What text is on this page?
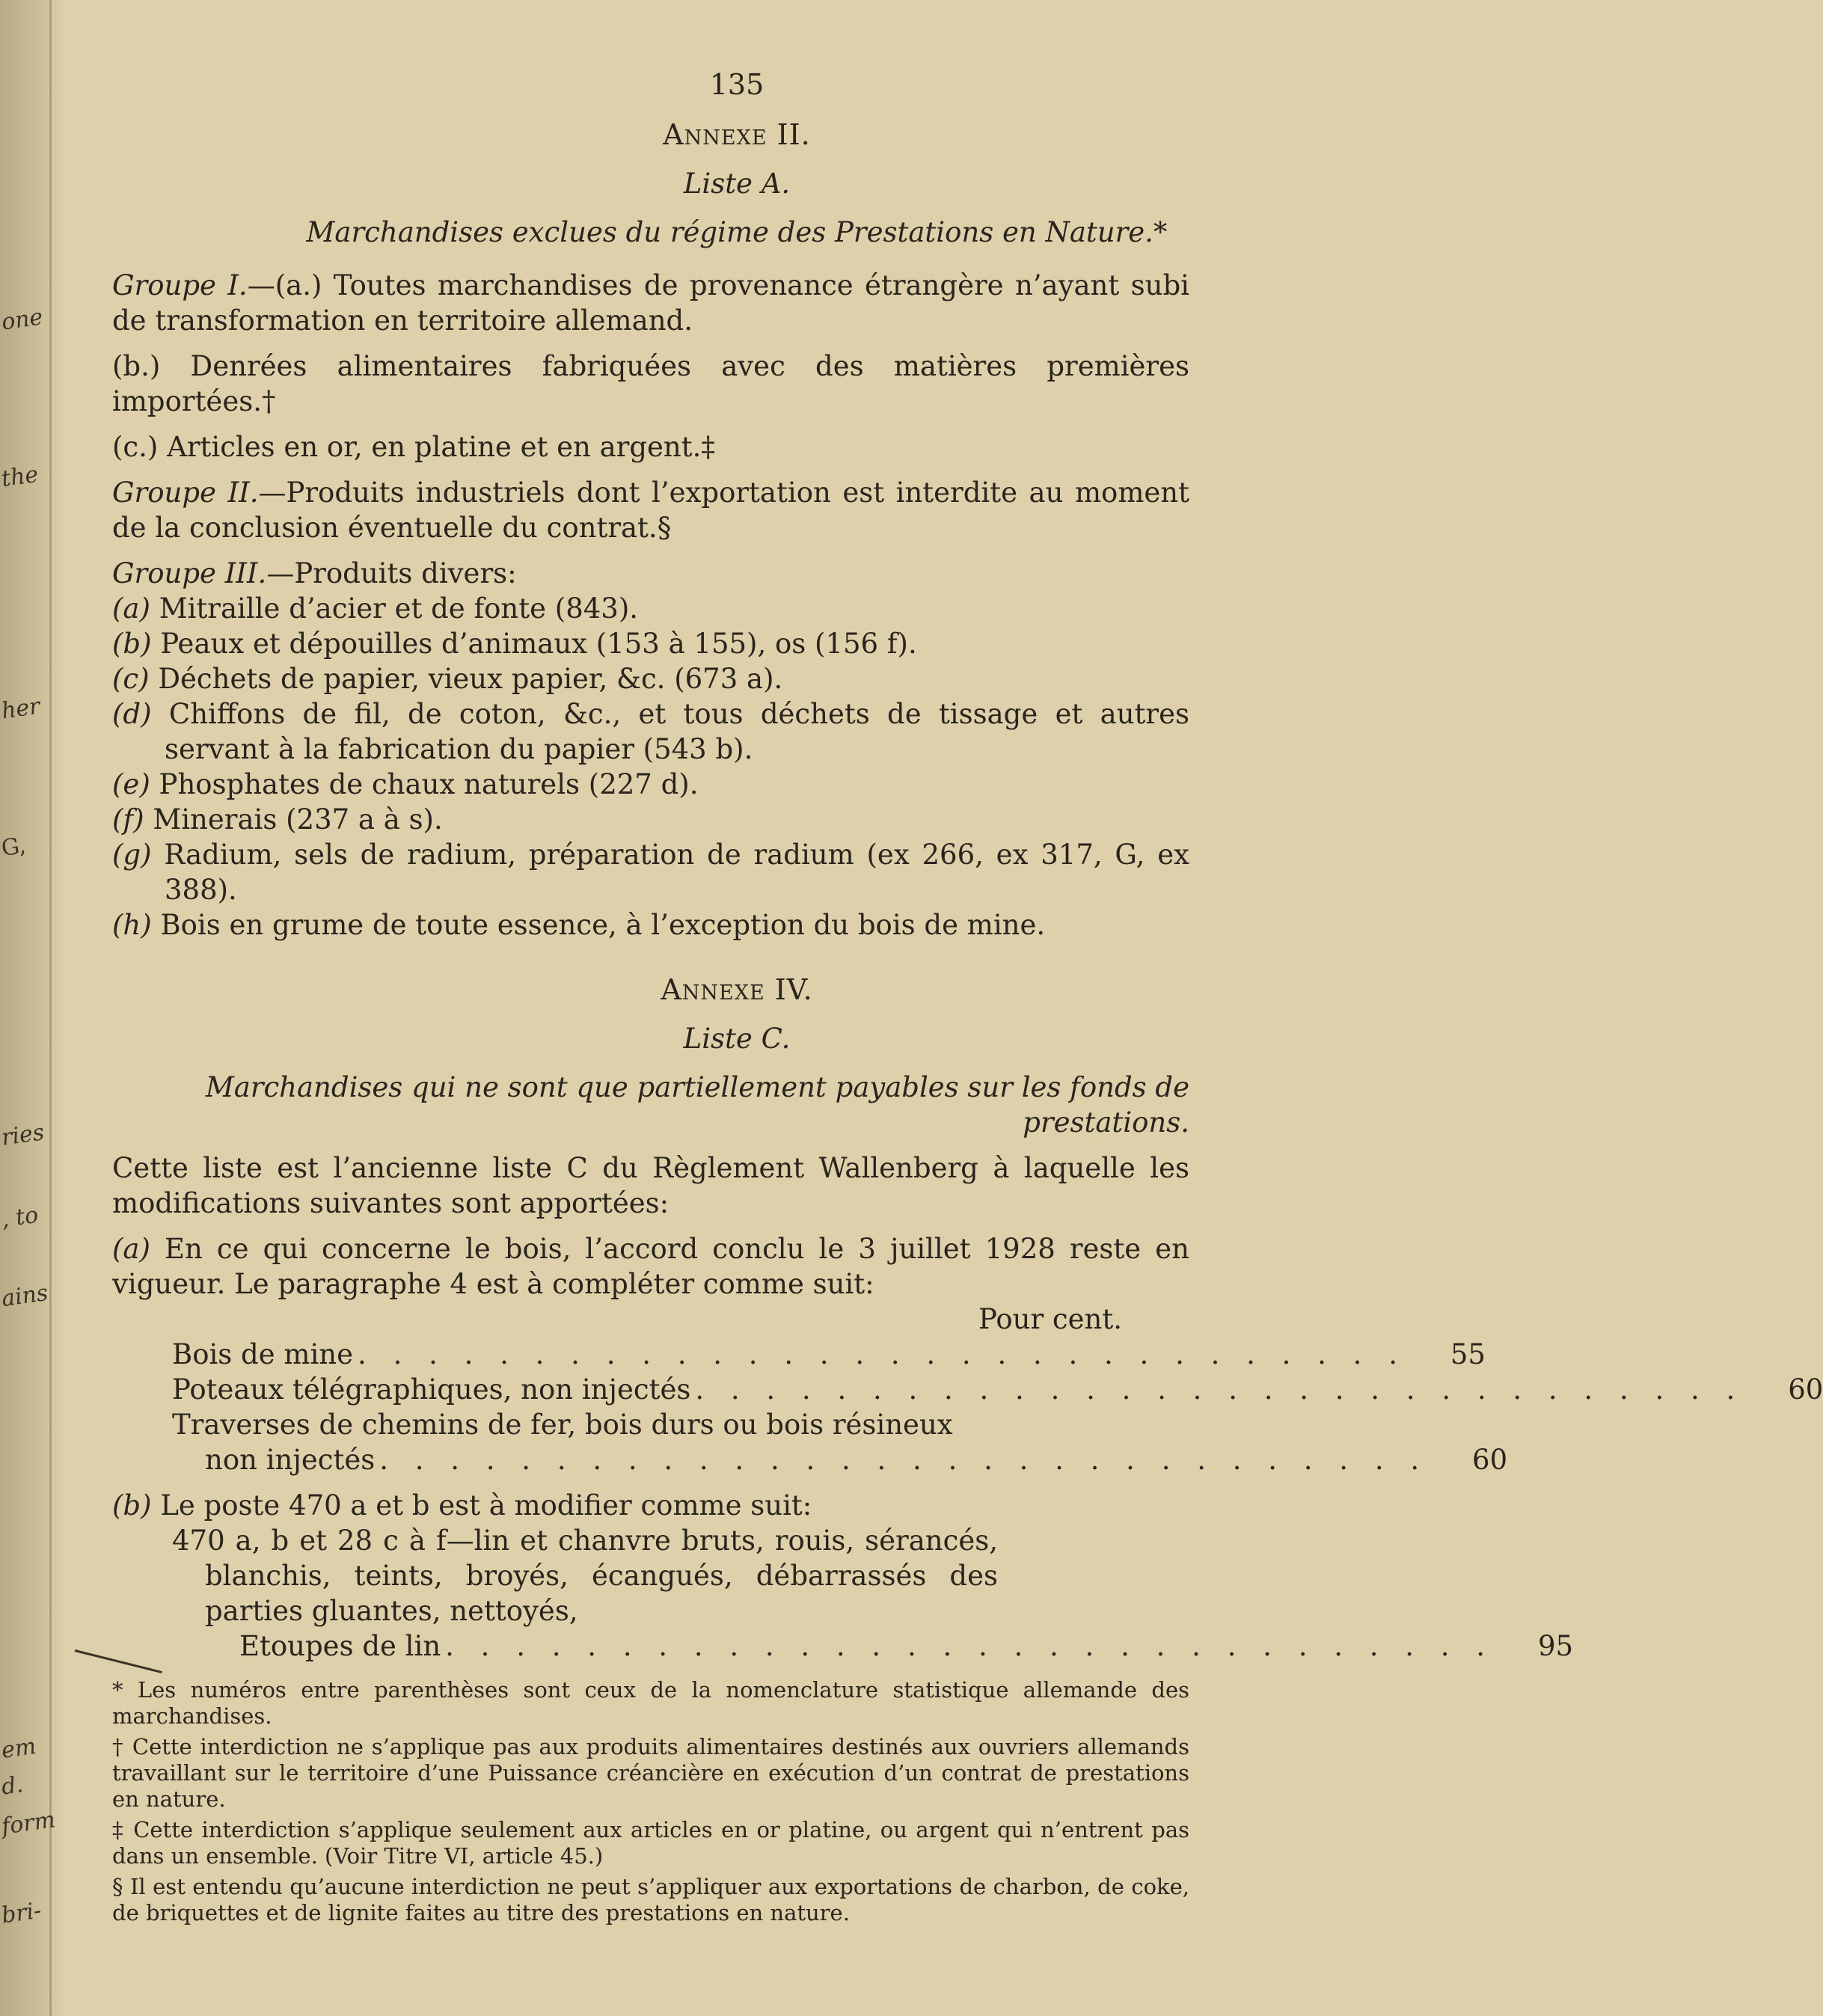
one
the
her
G,
ries
, to
ains
em
d.
form
bri-
135
Annexe II.
Liste A.
Marchandises exclues du régime des Prestations en Nature.*
Groupe I.—(a.) Toutes marchandises de provenance étrangère n’ayant subi de transformation en territoire allemand.
(b.) Denrées alimentaires fabriquées avec des matières premières importées.†
(c.) Articles en or, en platine et en argent.‡
Groupe II.—Produits industriels dont l’exportation est interdite au moment de la conclusion éventuelle du contrat.§
Groupe III.—Produits divers:
(a) Mitraille d’acier et de fonte (843).
(b) Peaux et dépouilles d’animaux (153 à 155), os (156 f).
(c) Déchets de papier, vieux papier, &c. (673 a).
(d) Chiffons de fil, de coton, &c., et tous déchets de tissage et autres servant à la fabrication du papier (543 b).
(e) Phosphates de chaux naturels (227 d).
(f) Minerais (237 a à s).
(g) Radium, sels de radium, préparation de radium (ex 266, ex 317, G, ex 388).
(h) Bois en grume de toute essence, à l’exception du bois de mine.
Annexe IV.
Liste C.
Marchandises qui ne sont que partiellement payables sur les fonds de prestations.
Cette liste est l’ancienne liste C du Règlement Wallenberg à laquelle les modifications suivantes sont apportées:
(a) En ce qui concerne le bois, l’accord conclu le 3 juillet 1928 reste en vigueur. Le paragraphe 4 est à compléter comme suit:
Pour cent.
Bois de mine . . . . . . . . . . . . . . . . . . . . . . . . . . . . . .	55
Poteaux télégraphiques, non injectés . . . . . . . . . . . . . . . . . . . . . . . . . . . . . .	60
Traverses de chemins de fer, bois durs ou bois résineux
non injectés . . . . . . . . . . . . . . . . . . . . . . . . . . . . . .	60
(b) Le poste 470 a et b est à modifier comme suit:
470 a, b et 28 c à f—lin et chanvre bruts, rouis, sérancés, blanchis, teints, broyés, écangués, débarrassés des parties gluantes, nettoyés,
Etoupes de lin . . . . . . . . . . . . . . . . . . . . . . . . . . . . . .	95
* Les numéros entre parenthèses sont ceux de la nomenclature statistique allemande des marchandises.
† Cette interdiction ne s’applique pas aux produits alimentaires destinés aux ouvriers allemands travaillant sur le territoire d’une Puissance créancière en exécution d’un contrat de prestations en nature.
‡ Cette interdiction s’applique seulement aux articles en or platine, ou argent qui n’entrent pas dans un ensemble. (Voir Titre VI, article 45.)
§ Il est entendu qu’aucune interdiction ne peut s’appliquer aux exportations de charbon, de coke, de briquettes et de lignite faites au titre des prestations en nature.
